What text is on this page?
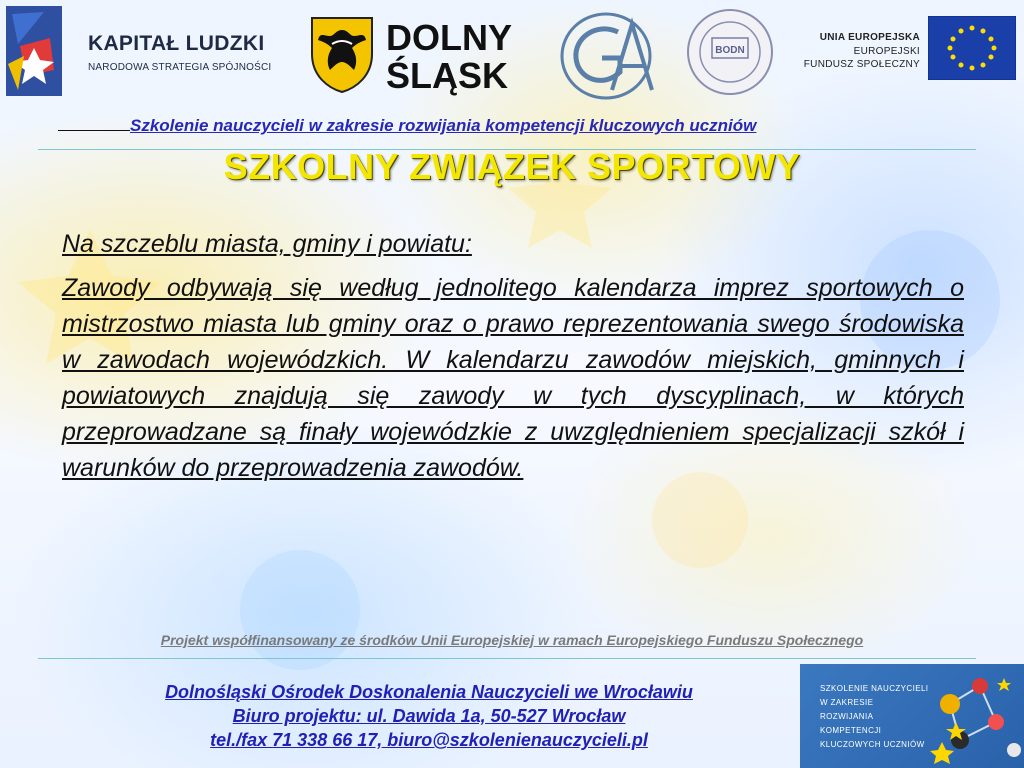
KAPITAŁ LUDZKI
NARODOWA STRATEGIA SPÓJNOŚCI
DOLNY
ŚLĄSK
BODN
UNIA EUROPEJSKA
EUROPEJSKI
FUNDUSZ SPOŁECZNY
Szkolenie nauczycieli w zakresie rozwijania kompetencji kluczowych uczniów
SZKOLNY ZWIĄZEK SPORTOWY

Na szczeblu miasta, gminy i powiatu:

Zawody odbywają się według jednolitego kalendarza imprez sportowych o mistrzostwo miasta lub gminy oraz o prawo reprezentowania swego środowiska w zawodach wojewódzkich. W kalendarzu zawodów miejskich, gminnych i powiatowych znajdują się zawody w tych dyscyplinach, w których przeprowadzane są finały wojewódzkie z uwzględnieniem specjalizacji szkół i warunków do przeprowadzenia zawodów.

Projekt współfinansowany ze środków Unii Europejskiej w ramach Europejskiego Funduszu Społecznego
Dolnośląski Ośrodek Doskonalenia Nauczycieli we Wrocławiu
Biuro projektu: ul. Dawida 1a, 50-527 Wrocław
tel./fax 71 338 66 17, biuro@szkolenienauczycieli.pl
SZKOLENIE NAUCZYCIELI
W ZAKRESIE
ROZWIJANIA
KOMPETENCJI
KLUCZOWYCH UCZNIÓW
